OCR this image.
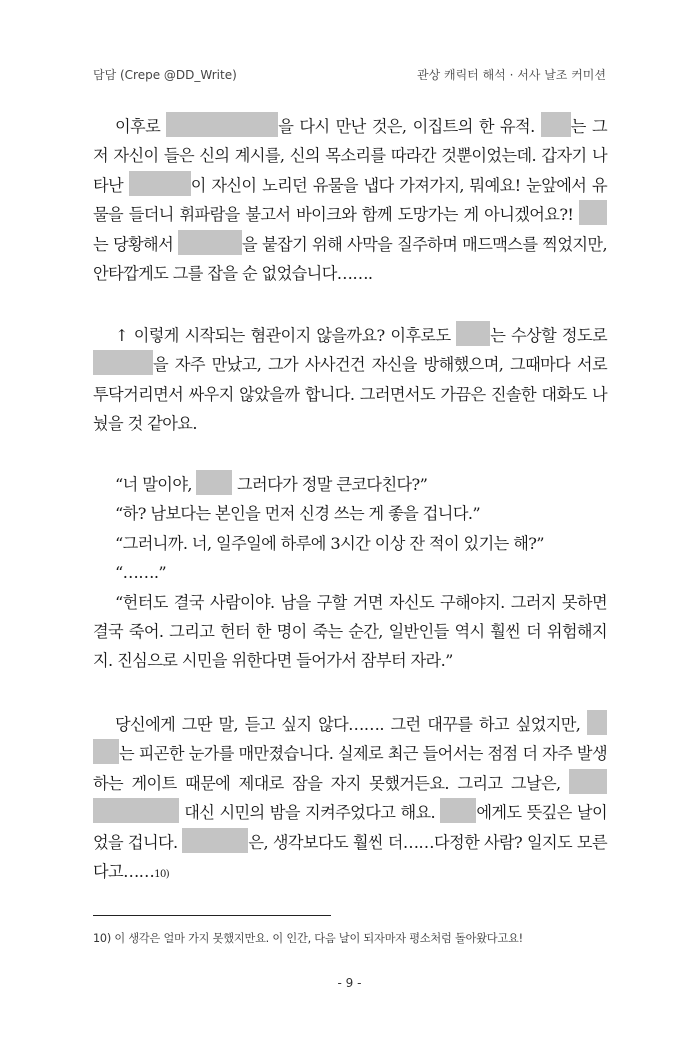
담담 (Crepe @DD_Write)	관상 캐릭터 해석 · 서사 날조 커미션

이후로	을 다시 만난 것은, 이집트의 한 유적. 는 그저 자신이 들은 신의 계시를, 신의 목소리를 따라간 것뿐이었는데. 갑자기 나타난	이 자신이 노리던 유물을 냅다 가져가지, 뭐예요! 눈앞에서 유물을 들더니 휘파람을 불고서 바이크와 함께 도망가는 게 아니겠어요?! 는 당황해서	을 붙잡기 위해 사막을 질주하며 매드맥스를 찍었지만, 안타깝게도 그를 잡을 순 없었습니다…….

↑ 이렇게 시작되는 혐관이지 않을까요? 이후로도 는 수상할 정도로 을 자주 만났고, 그가 사사건건 자신을 방해했으며, 그때마다 서로 투닥거리면서 싸우지 않았을까 합니다. 그러면서도 가끔은 진솔한 대화도 나눴을 것 같아요.

“너 말이야,  그러다가 정말 큰코다친다?”

“하? 남보다는 본인을 먼저 신경 쓰는 게 좋을 겁니다.”

“그러니까. 너, 일주일에 하루에 3시간 이상 잔 적이 있기는 해?”

“…….”

“헌터도 결국 사람이야. 남을 구할 거면 자신도 구해야지. 그러지 못하면 결국 죽어. 그리고 헌터 한 명이 죽는 순간, 일반인들 역시 훨씬 더 위험해지지. 진심으로 시민을 위한다면 들어가서 잠부터 자라.”

당신에게 그딴 말, 듣고 싶지 않다……. 그런 대꾸를 하고 싶었지만,  는 피곤한 눈가를 매만졌습니다. 실제로 최근 들어서는 점점 더 자주 발생하는 게이트 때문에 제대로 잠을 자지 못했거든요. 그리고 그날은,   대신 시민의 밤을 지켜주었다고 해요. 에게도 뜻깊은 날이었을 겁니다.	은, 생각보다도 훨씬 더……다정한 사람? 일지도 모른다고……10)

10) 이 생각은 얼마 가지 못했지만요. 이 인간, 다음 날이 되자마자 평소처럼 돌아왔다고요!
- 9 -
